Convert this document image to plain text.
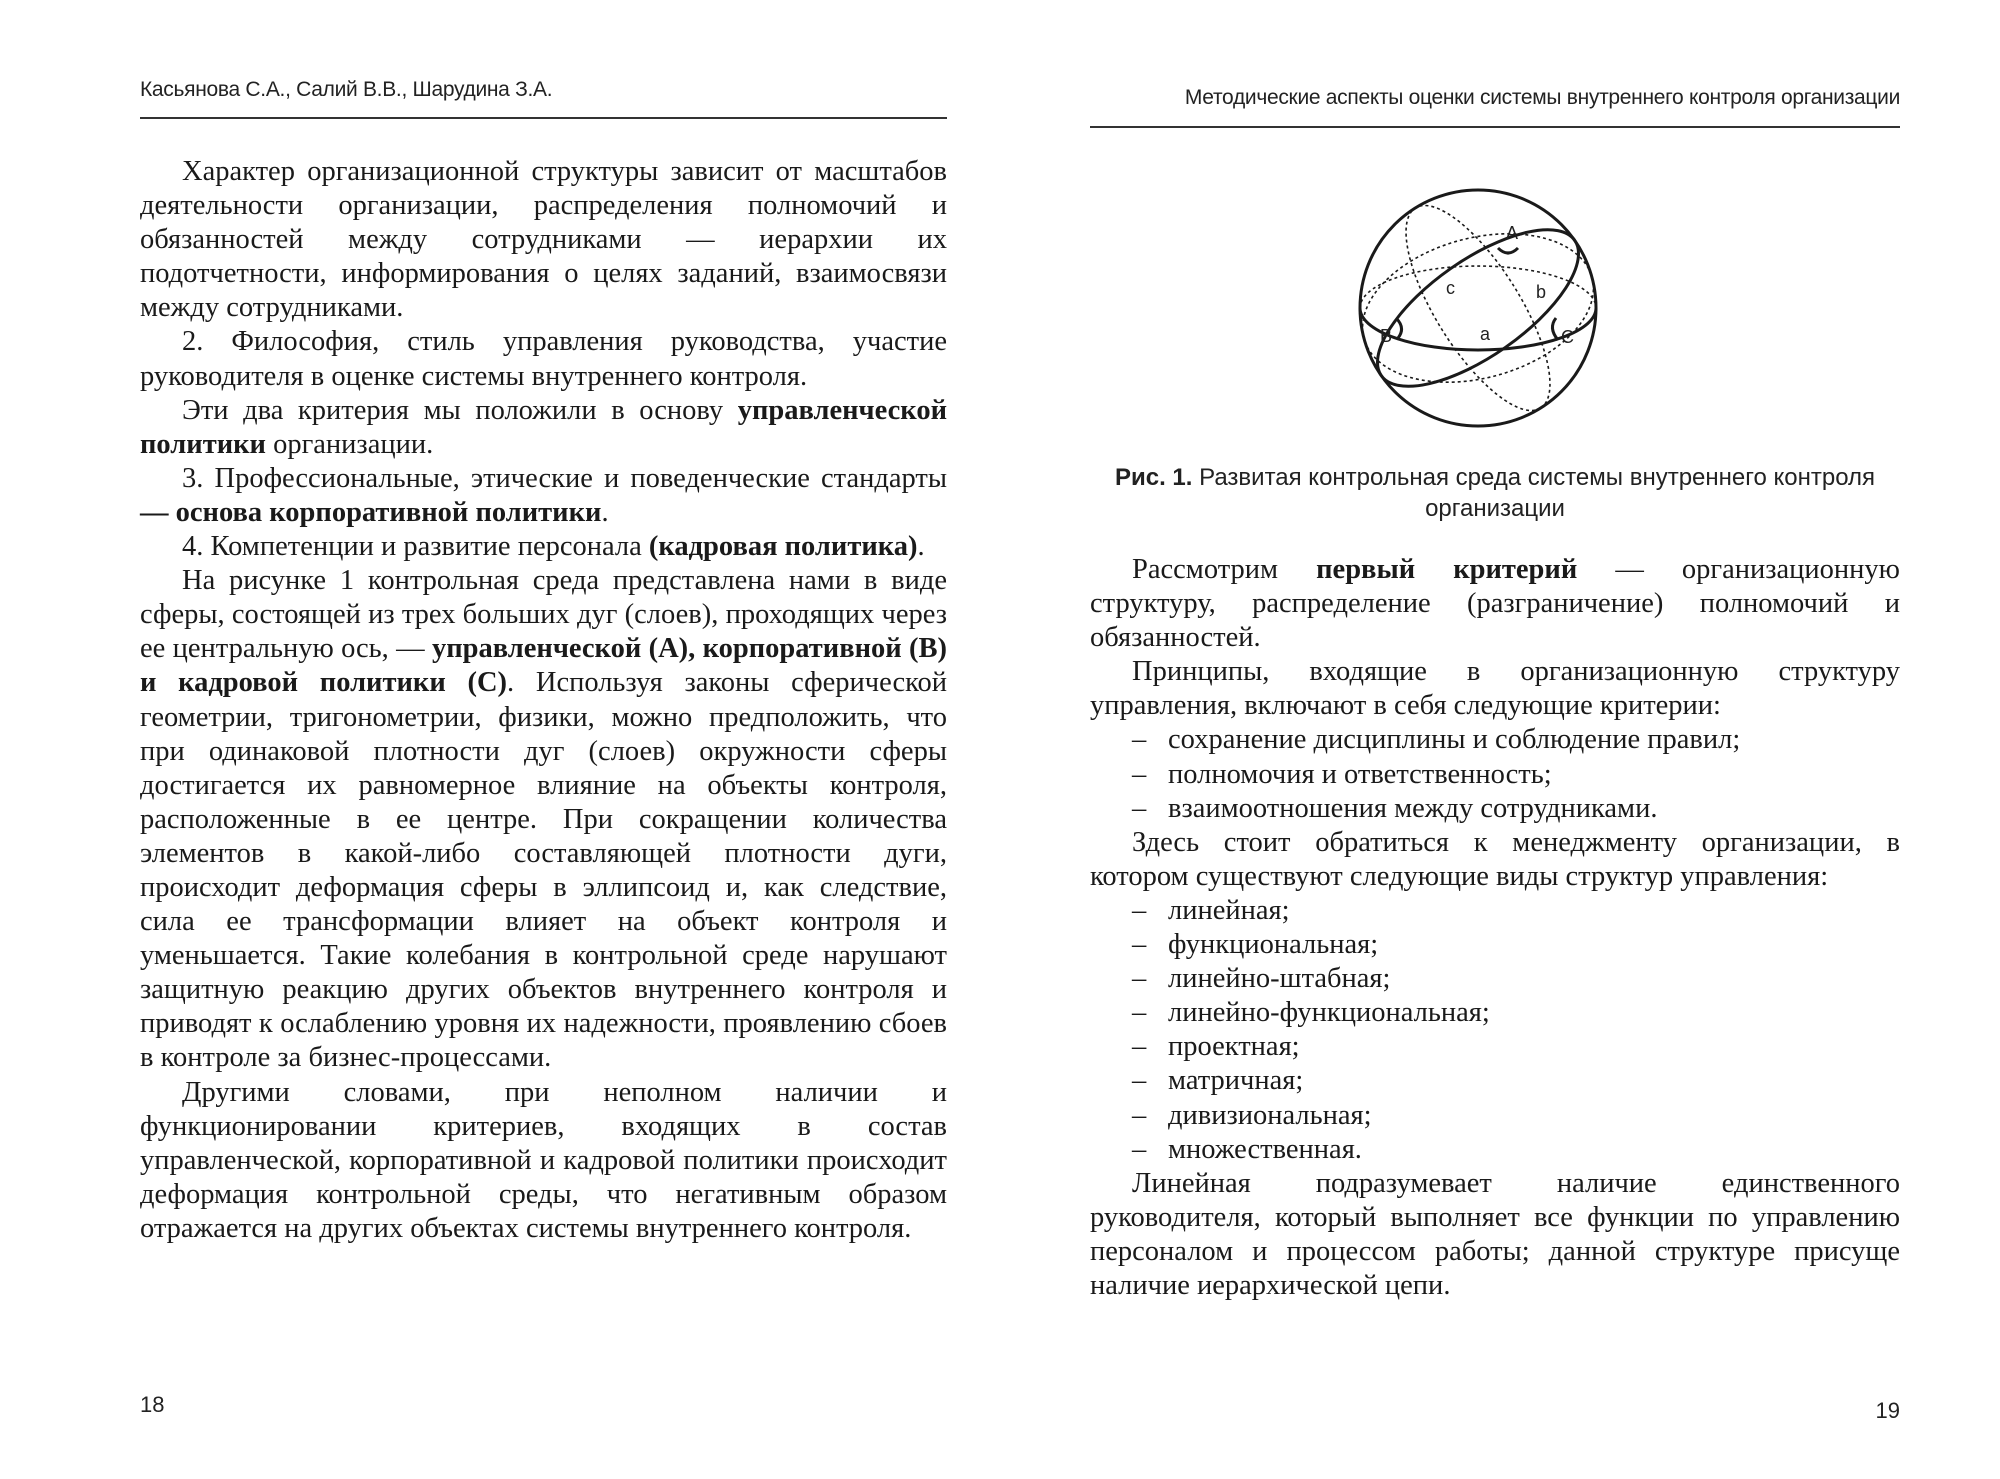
Касьянова С.А., Салий В.В., Шарудина З.А.

Характер организационной структуры зависит от масштабов деятельности организации, распределения полномочий и обязанностей между сотрудниками — иерархии их подотчетности, информирования о целях заданий, взаимосвязи между сотрудниками.

2. Философия, стиль управления руководства, участие руководителя в оценке системы внутреннего контроля.

Эти два критерия мы положили в основу управленческой политики организации.

3. Профессиональные, этические и поведенческие стандарты — основа корпоративной политики.

4. Компетенции и развитие персонала (кадровая политика).

На рисунке 1 контрольная среда представлена нами в виде сферы, состоящей из трех больших дуг (слоев), проходящих через ее центральную ось, — управленческой (A), корпоративной (B) и кадровой политики (C). Используя законы сферической геометрии, тригонометрии, физики, можно предположить, что при одинаковой плотности дуг (слоев) окружности сферы достигается их равномерное влияние на объекты контроля, расположенные в ее центре. При сокращении количества элементов в какой-либо составляющей плотности дуги, происходит деформация сферы в эллипсоид и, как следствие, сила ее трансформации влияет на объект контроля и уменьшается. Такие колебания в контрольной среде нарушают защитную реакцию других объектов внутреннего контроля и приводят к ослаблению уровня их надежности, проявлению сбоев в контроле за бизнес-процессами.

Другими словами, при неполном наличии и функционировании критериев, входящих в состав управленческой, корпоративной и кадровой политики происходит деформация контрольной среды, что негативным образом отражается на других объектах системы внутреннего контроля.

18
Методические аспекты оценки системы внутреннего контроля организации
A
b
c
B	a	C
Рис. 1. Развитая контрольная среда системы внутреннего контроля организации

Рассмотрим первый критерий — организационную структуру, распределение (разграничение) полномочий и обязанностей.

Принципы, входящие в организационную структуру управления, включают в себя следующие критерии:

– сохранение дисциплины и соблюдение правил;
– полномочия и ответственность;
– взаимоотношения между сотрудниками.

Здесь стоит обратиться к менеджменту организации, в котором существуют следующие виды структур управления:

– линейная;
– функциональная;
– линейно-штабная;
– линейно-функциональная;
– проектная;
– матричная;
– дивизиональная;
– множественная.

Линейная подразумевает наличие единственного руководителя, который выполняет все функции по управлению персоналом и процессом работы; данной структуре присуще наличие иерархической цепи.

19
